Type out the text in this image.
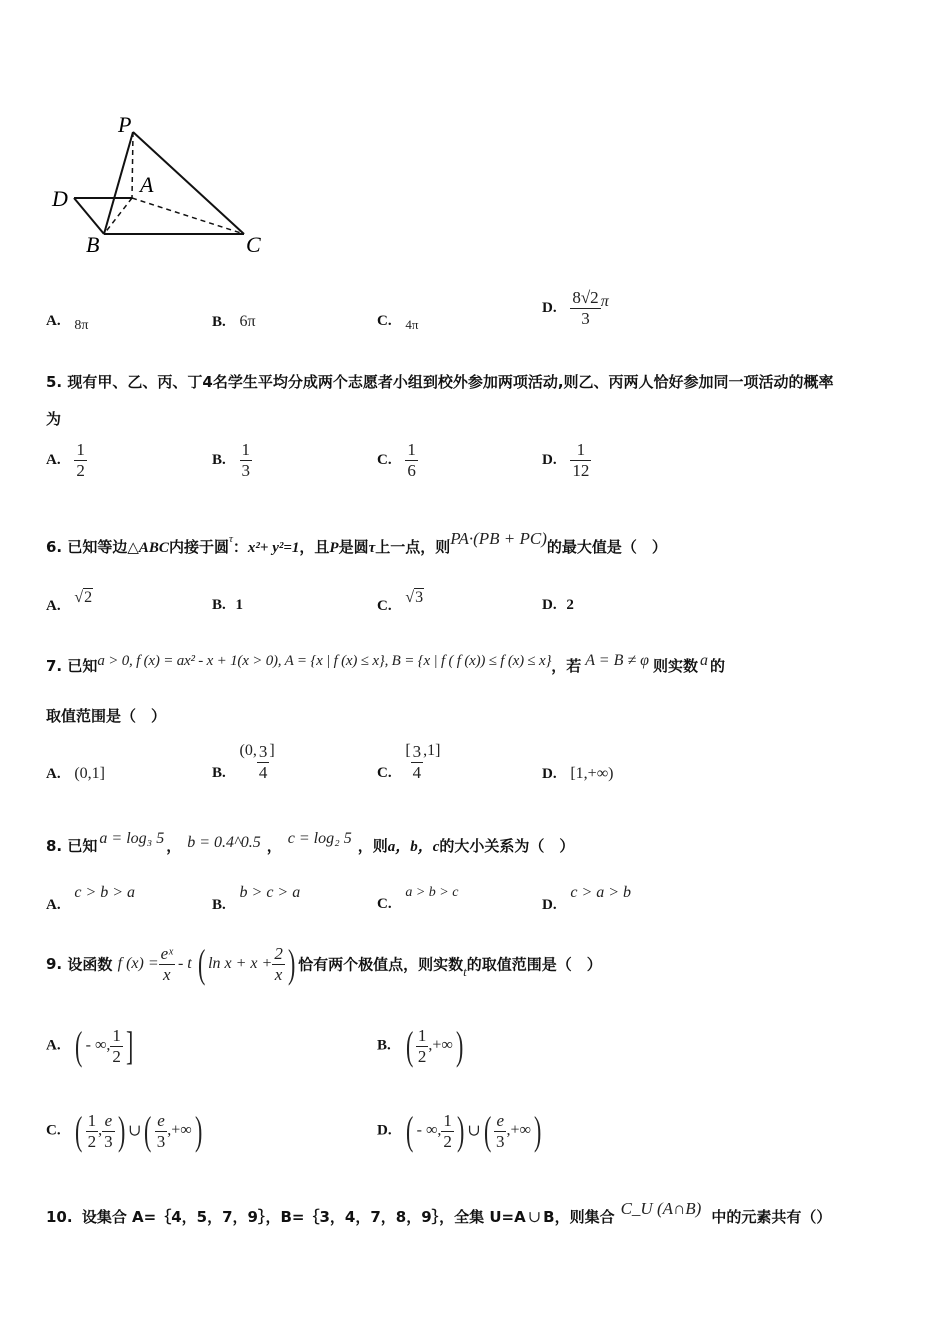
P
A
D
B	C
A. 8π	B. 6π	C. 4π
D. $\frac{8√2}{3}$ π
5. 现有甲、乙、丙、丁4名学生平均分成两个志愿者小组到校外参加两项活动,则乙、丙两人恰好参加同一项活动的概率
为
A. $\frac{1}{2}$	B. $\frac{1}{3}$	C. $\frac{1}{6}$	D. $\frac{1}{12}$
6. 已知等边△ABC内接于圆$^\tau$：x²+ y²=1，且P是圆τ上一点，则PA·(PB + PC)的最大值是（　）
A. √2	B. 1	C. √3	D. 2
7. 已知a > 0, f (x) = ax² - x + 1(x > 0), A = {x | f (x) ≤ x}, B = {x | f ( f (x)) ≤ f (x) ≤ x}，若 A = B ≠ φ 则实数 a 的
取值范围是（　）
A. (0,1]	B. (0, $\frac{3}{4}$ ]
C. [ $\frac{3}{4} ,1$]
D. [1,+∞)
8. 已知 a = log₃ 5 ， b = 0.4^0.5 ， c = log₂ 5 ，则a，b，c的大小关系为（　）
A. c > b > a
B. b > c > a
C. a > b > c
D. c > a > b
9. 设函数 f $(x) = \frac{\text{eˣ}}{x} - t$ ( $\ln x + x + \frac{2}{x}$ ) 恰有两个极值点，则实数t的取值范围是（　）
A. ( - ∞, $\frac{1}{2}$ ]	B. ( $\frac{1}{2}$ ,+∞)
C. ( $\frac{1}{2}$ , $\frac{e}{3}$ ) ∪( $\frac{e}{3}$ ,+∞)	D. ( - ∞, $\frac{1}{2}$ ) ∪( $\frac{e}{3}$ ,+∞)
10. 设集合 A=｛4，5，7，9｝，B=｛3，4，7，8，9｝，全集 U=A ∪ B，则集合 C_U (A∩B) 中的元素共有（）
